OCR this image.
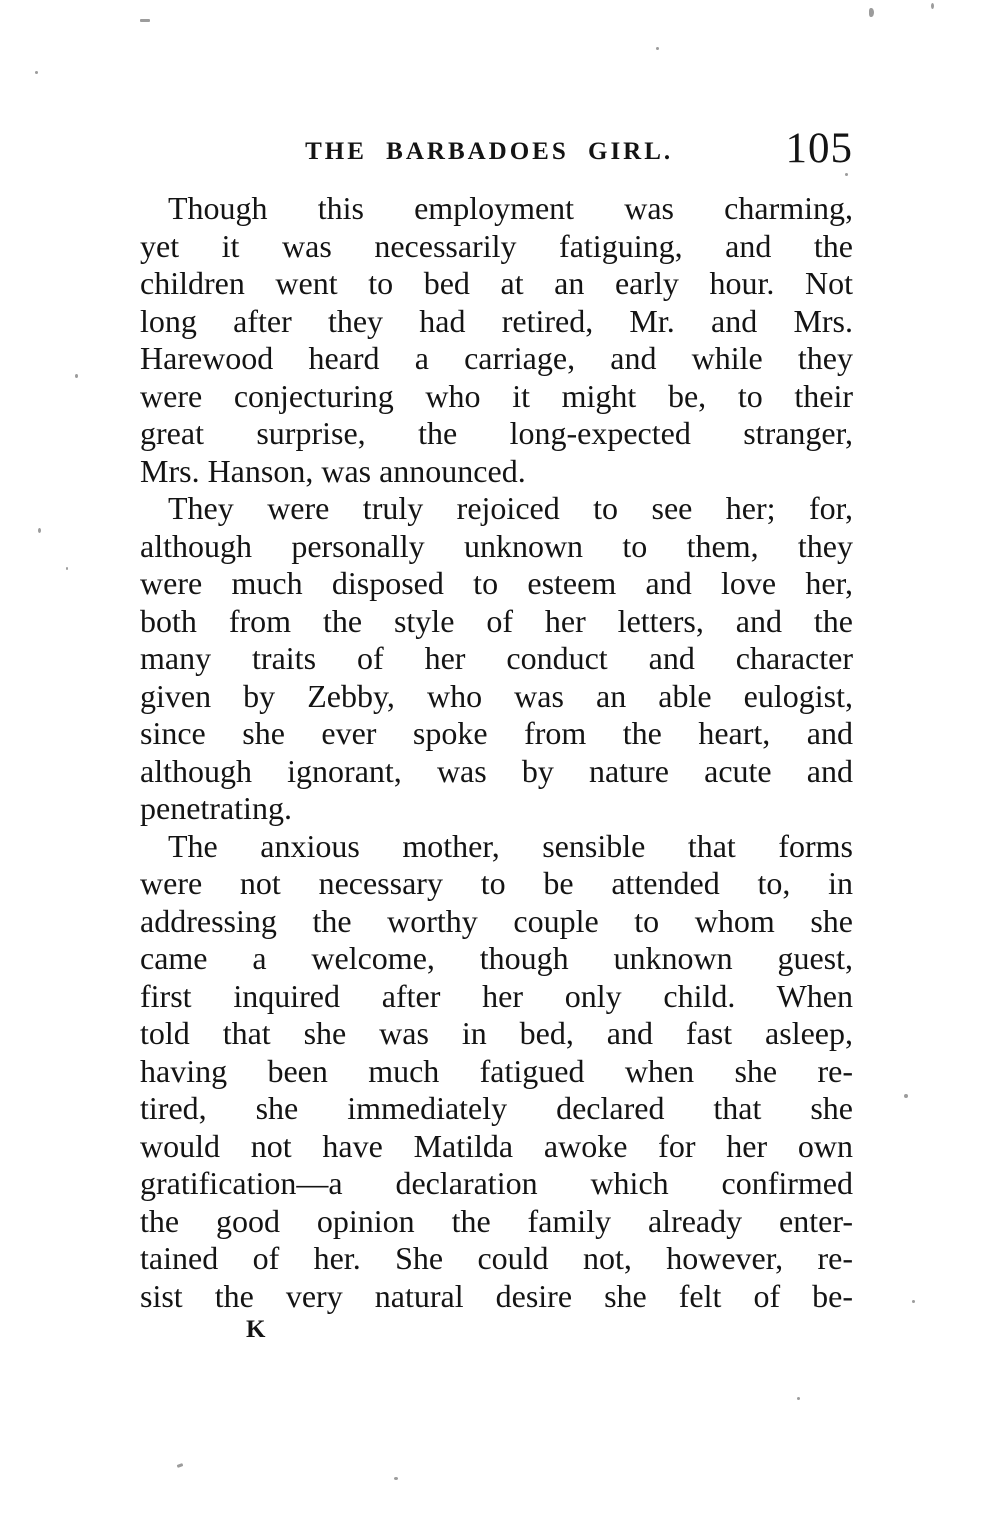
THE BARBADOES GIRL.	105

Though this employment was charming,
yet it was necessarily fatiguing, and the
children went to bed at an early hour. Not
long after they had retired, Mr. and Mrs.
Harewood heard a carriage, and while they
were conjecturing who it might be, to their
great surprise, the long-expected stranger,
Mrs. Hanson, was announced.

They were truly rejoiced to see her; for,
although personally unknown to them, they
were much disposed to esteem and love her,
both from the style of her letters, and the
many traits of her conduct and character
given by Zebby, who was an able eulogist,
since she ever spoke from the heart, and
although ignorant, was by nature acute and
penetrating.

The anxious mother, sensible that forms
were not necessary to be attended to, in
addressing the worthy couple to whom she
came a welcome, though unknown guest,
first inquired after her only child. When
told that she was in bed, and fast asleep,
having been much fatigued when she re-
tired, she immediately declared that she
would not have Matilda awoke for her own
gratification—a declaration which confirmed
the good opinion the family already enter-
tained of her. She could not, however, re-
sist the very natural desire she felt of be-

K
